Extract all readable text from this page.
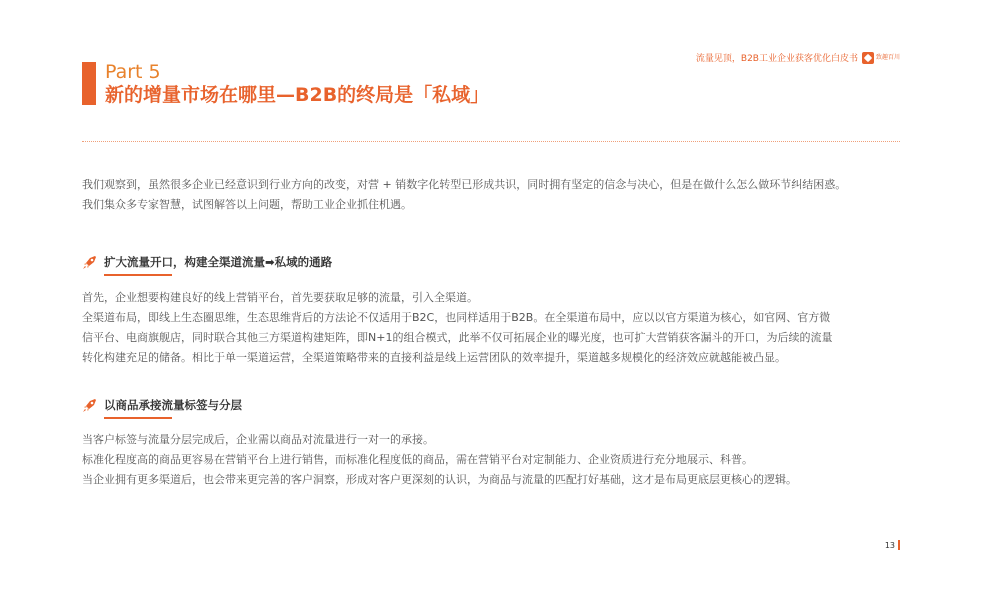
流量见顶，B2B工业企业获客优化白皮书	致趣百川
Part 5
新的增量市场在哪里—B2B的终局是「私域」
我们观察到，虽然很多企业已经意识到行业方向的改变，对营 + 销数字化转型已形成共识，同时拥有坚定的信念与决心，但是在做什么怎么做环节纠结困惑。
我们集众多专家智慧，试图解答以上问题，帮助工业企业抓住机遇。
扩大流量开口，构建全渠道流量➡私域的通路
首先，企业想要构建良好的线上营销平台，首先要获取足够的流量，引入全渠道。
全渠道布局，即线上生态圈思维，生态思维背后的方法论不仅适用于B2C，也同样适用于B2B。在全渠道布局中，应以以官方渠道为核心，如官网、官方微
信平台、电商旗舰店，同时联合其他三方渠道构建矩阵，即N+1的组合模式，此举不仅可拓展企业的曝光度，也可扩大营销获客漏斗的开口，为后续的流量
转化构建充足的储备。相比于单一渠道运营，全渠道策略带来的直接利益是线上运营团队的效率提升，渠道越多规模化的经济效应就越能被凸显。
以商品承接流量标签与分层
当客户标签与流量分层完成后，企业需以商品对流量进行一对一的承接。
标准化程度高的商品更容易在营销平台上进行销售，而标准化程度低的商品，需在营销平台对定制能力、企业资质进行充分地展示、科普。
当企业拥有更多渠道后，也会带来更完善的客户洞察，形成对客户更深刻的认识，为商品与流量的匹配打好基础，这才是布局更底层更核心的逻辑。
13
